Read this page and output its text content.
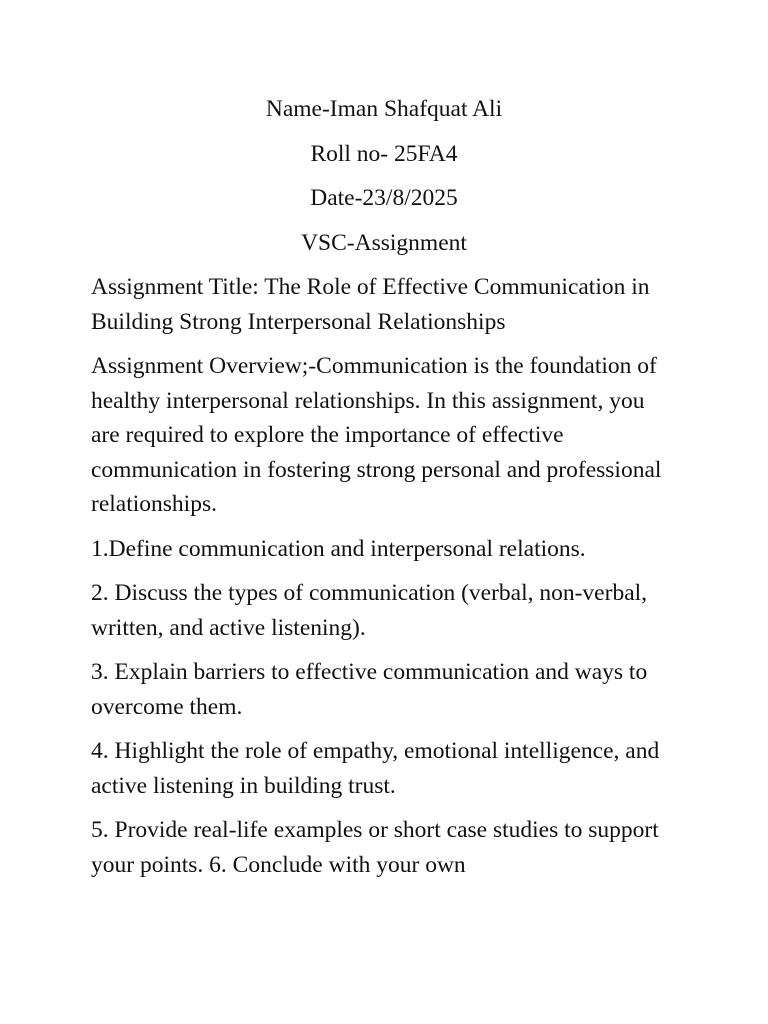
Name-Iman Shafquat Ali

Roll no- 25FA4

Date-23/8/2025

VSC-Assignment

Assignment Title: The Role of Effective Communication in Building Strong Interpersonal Relationships

Assignment Overview;-Communication is the foundation of healthy interpersonal relationships. In this assignment, you are required to explore the importance of effective communication in fostering strong personal and professional relationships.

1.Define communication and interpersonal relations.

2. Discuss the types of communication (verbal, non-verbal, written, and active listening).

3. Explain barriers to effective communication and ways to overcome them.

4. Highlight the role of empathy, emotional intelligence, and active listening in building trust.

5. Provide real-life examples or short case studies to support your points. 6. Conclude with your own
